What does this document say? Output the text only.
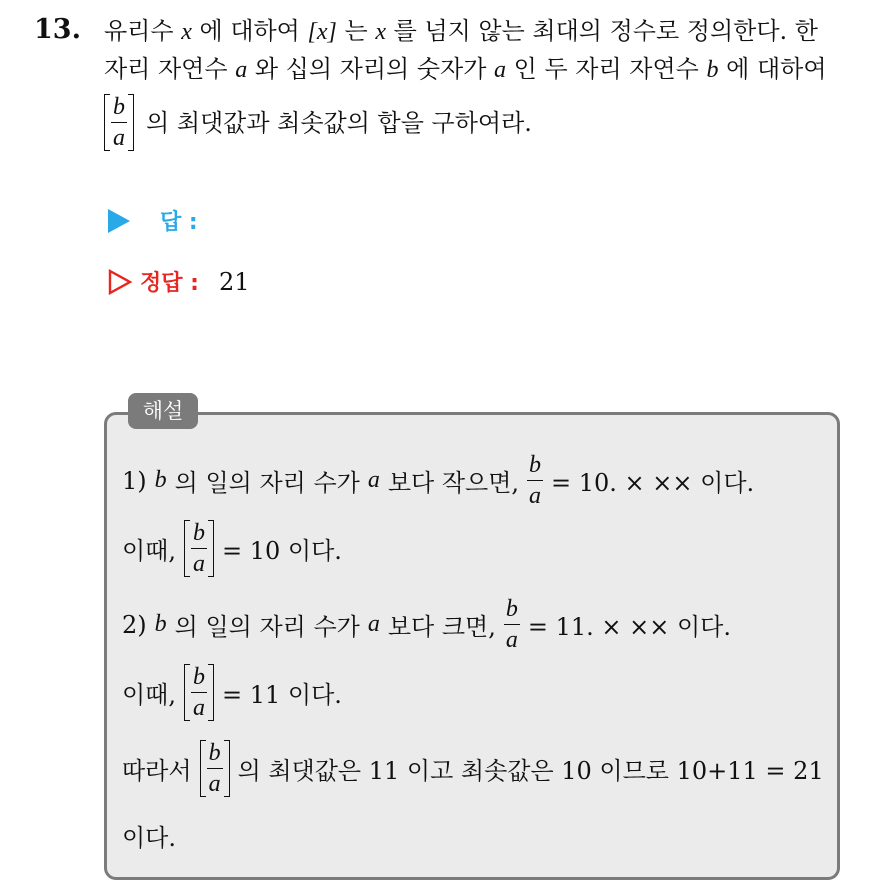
13. 유리수 x 에 대하여 [x] 는 x 를 넘지 않는 최대의 정수로 정의한다. 한
자리 자연수 a 와 십의 자리의 숫자가 a 인 두 자리 자연수 b 에 대하여
$\frac{b}{a}$ 의 최댓값과 최솟값의 합을 구하여라.
답 :
정답 : 21
해설
1) b 의 일의 자리 수가 a 보다 작으면, $\frac{b}{a} = 10$. × ×× 이다.
이때, $\frac{b}{a} = 10$ 이다.
2) b 의 일의 자리 수가 a 보다 크면, $\frac{b}{a} = 11$. × ×× 이다.
이때, $\frac{b}{a} = 11$ 이다.
따라서 $\frac{b}{a}$ 의 최댓값은 11 이고 최솟값은 10 이므로 10+11 = 21
이다.
